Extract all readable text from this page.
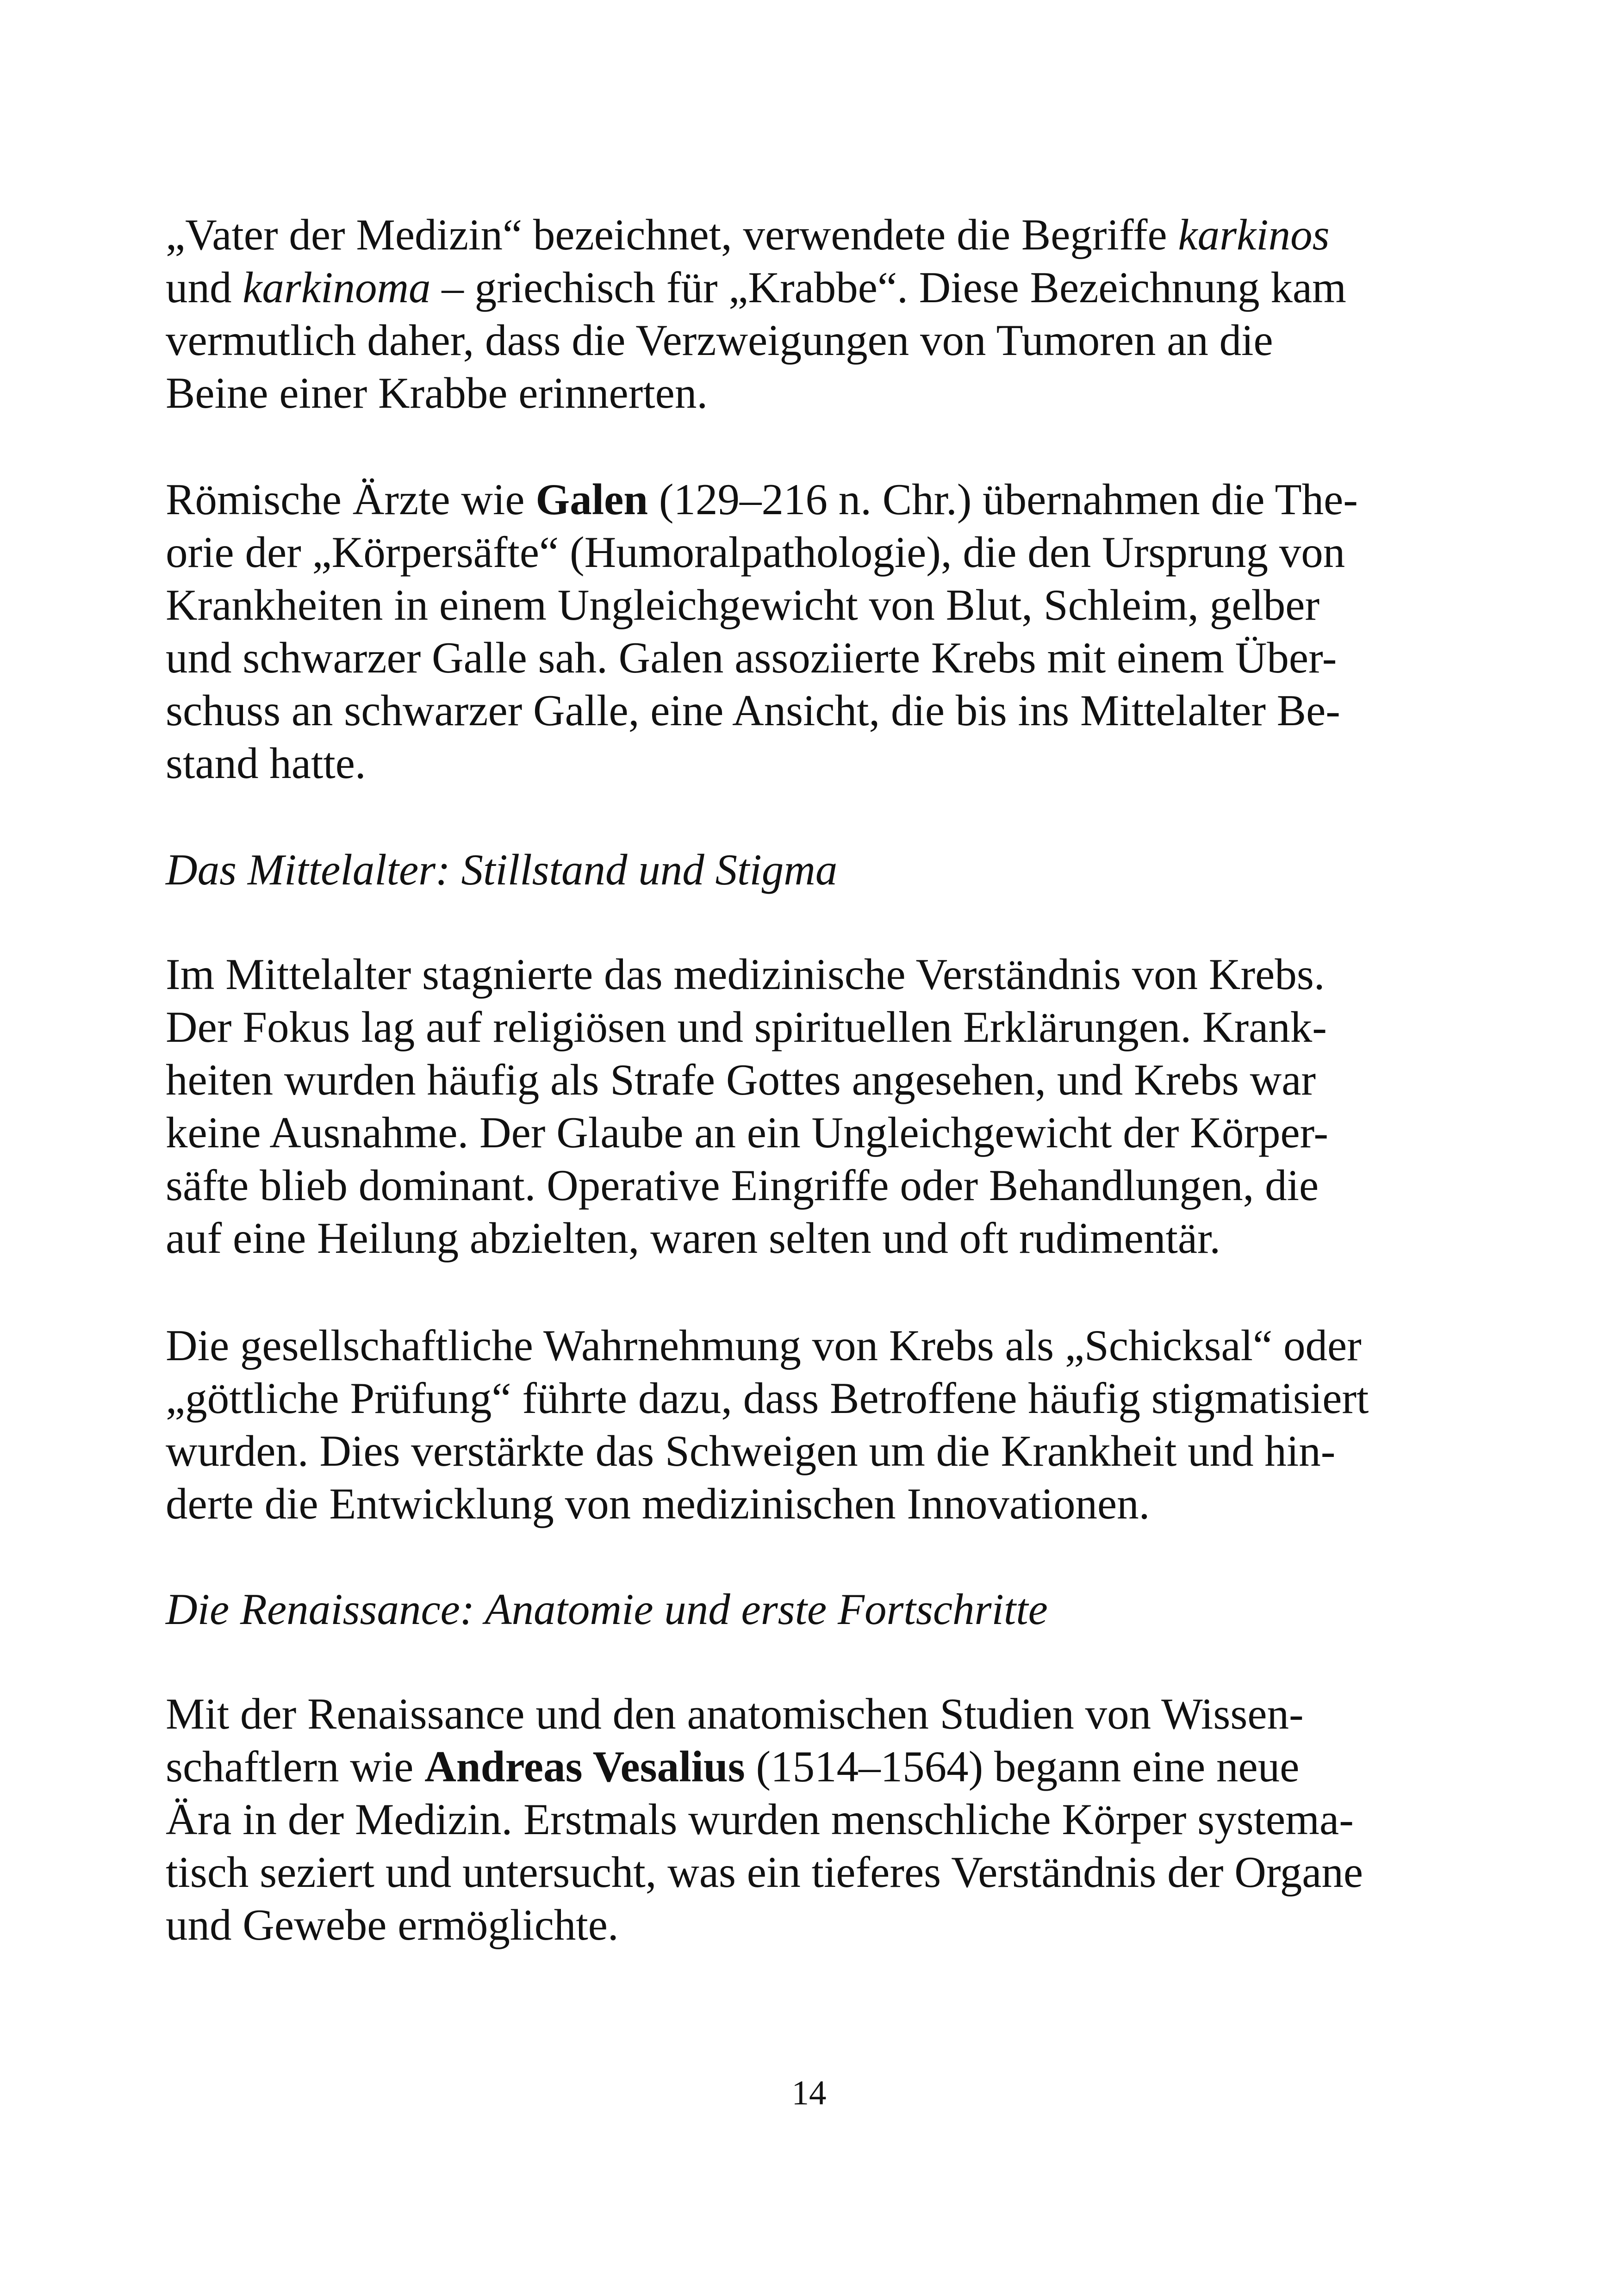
„Vater der Medizin“ bezeichnet, verwendete die Begriffe karkinos
und karkinoma – griechisch für „Krabbe“. Diese Bezeichnung kam
vermutlich daher, dass die Verzweigungen von Tumoren an die
Beine einer Krabbe erinnerten.
Römische Ärzte wie Galen (129–216 n. Chr.) übernahmen die The-
orie der „Körpersäfte“ (Humoralpathologie), die den Ursprung von
Krankheiten in einem Ungleichgewicht von Blut, Schleim, gelber
und schwarzer Galle sah. Galen assoziierte Krebs mit einem Über-
schuss an schwarzer Galle, eine Ansicht, die bis ins Mittelalter Be-
stand hatte.
Das Mittelalter: Stillstand und Stigma
Im Mittelalter stagnierte das medizinische Verständnis von Krebs.
Der Fokus lag auf religiösen und spirituellen Erklärungen. Krank-
heiten wurden häufig als Strafe Gottes angesehen, und Krebs war
keine Ausnahme. Der Glaube an ein Ungleichgewicht der Körper-
säfte blieb dominant. Operative Eingriffe oder Behandlungen, die
auf eine Heilung abzielten, waren selten und oft rudimentär.
Die gesellschaftliche Wahrnehmung von Krebs als „Schicksal“ oder
„göttliche Prüfung“ führte dazu, dass Betroffene häufig stigmatisiert
wurden. Dies verstärkte das Schweigen um die Krankheit und hin-
derte die Entwicklung von medizinischen Innovationen.
Die Renaissance: Anatomie und erste Fortschritte
Mit der Renaissance und den anatomischen Studien von Wissen-
schaftlern wie Andreas Vesalius (1514–1564) begann eine neue
Ära in der Medizin. Erstmals wurden menschliche Körper systema-
tisch seziert und untersucht, was ein tieferes Verständnis der Organe
und Gewebe ermöglichte.
14
